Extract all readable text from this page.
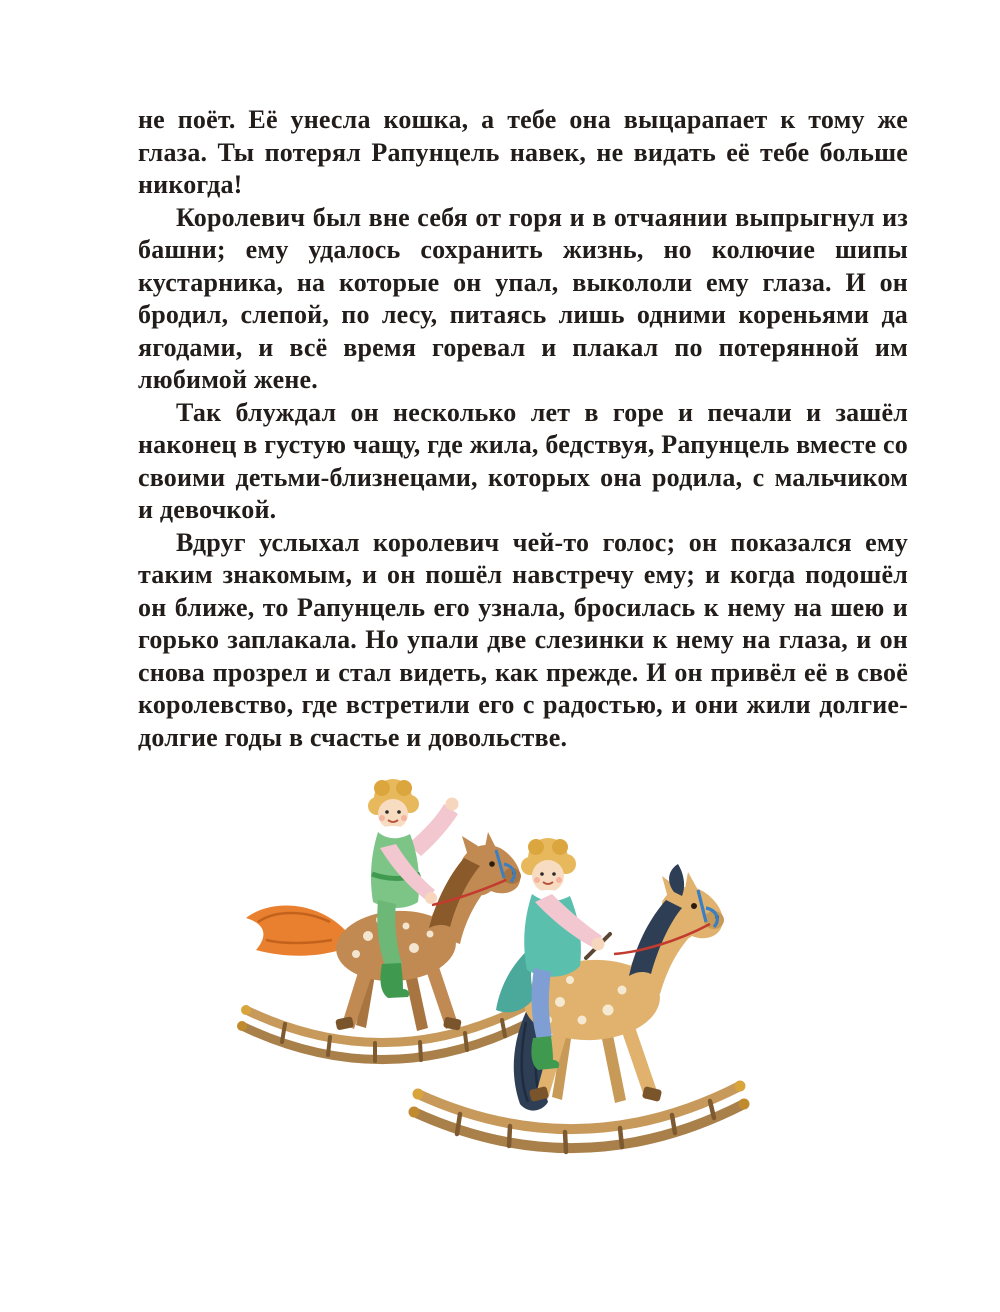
не поёт. Её унесла кошка, а тебе она выцарапает к тому же глаза. Ты потерял Рапунцель навек, не видать её тебе больше никогда!

Королевич был вне себя от горя и в отчаянии выпрыгнул из башни; ему удалось сохранить жизнь, но колючие шипы кустарника, на которые он упал, выкололи ему глаза. И он бродил, слепой, по лесу, питаясь лишь одними кореньями да ягодами, и всё время горевал и плакал по потерянной им любимой жене.

Так блуждал он несколько лет в горе и печали и зашёл наконец в густую чащу, где жила, бедствуя, Рапунцель вместе со своими детьми-близнецами, которых она родила, с мальчиком и девочкой.

Вдруг услыхал королевич чей-то голос; он показался ему таким знакомым, и он пошёл навстречу ему; и когда подошёл он ближе, то Рапунцель его узнала, бросилась к нему на шею и горько заплакала. Но упали две слезинки к нему на глаза, и он снова прозрел и стал видеть, как прежде. И он привёл её в своё королевство, где встретили его с радостью, и они жили долгие-долгие годы в счастье и довольстве.
